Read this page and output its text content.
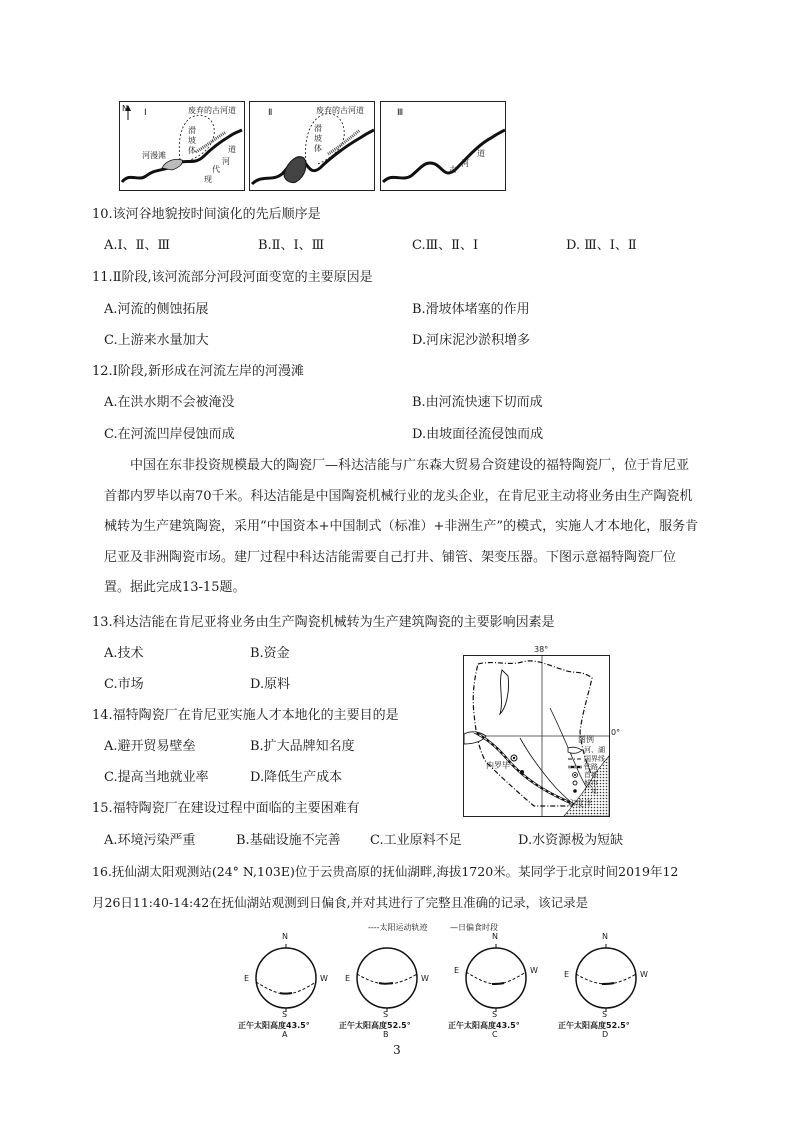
N Ⅰ	废弃的古河道
滑坡体
河漫滩
道
河
代
现
Ⅱ	废弃的古河道
滑坡体
Ⅲ
古
河
道
10.该河谷地貌按时间演化的先后顺序是
A.Ⅰ、Ⅱ、Ⅲ	B.Ⅱ、Ⅰ、Ⅲ	C.Ⅲ、Ⅱ、Ⅰ	D. Ⅲ、Ⅰ、Ⅱ
11.Ⅱ阶段,该河流部分河段河面变宽的主要原因是
A.河流的侧蚀拓展	B.滑坡体堵塞的作用
C.上游来水量加大	D.河床泥沙淤积增多
12.Ⅰ阶段,新形成在河流左岸的河漫滩
A.在洪水期不会被淹没	B.由河流快速下切而成
C.在河流凹岸侵蚀而成	D.由坡面径流侵蚀而成
中国在东非投资规模最大的陶瓷厂—科达洁能与广东森大贸易合资建设的福特陶瓷厂，位于肯尼亚首都内罗毕以南70千米。科达洁能是中国陶瓷机械行业的龙头企业，在肯尼亚主动将业务由生产陶瓷机械转为生产建筑陶瓷，采用“中国资本+中国制式（标准）+非洲生产”的模式，实施人才本地化，服务肯尼亚及非洲陶瓷市场。建厂过程中科达洁能需要自己打井、铺管、架变压器。下图示意福特陶瓷厂位置。据此完成13-15题。
13.科达洁能在肯尼亚将业务由生产陶瓷机械转为生产建筑陶瓷的主要影响因素是
A.技术	B.资金
C.市场	D.原料
14.福特陶瓷厂在肯尼亚实施人才本地化的主要目的是
A.避开贸易壁垒	B.扩大品牌知名度
C.提高当地就业率	D.降低生产成本
15.福特陶瓷厂在建设过程中面临的主要困难有
A.环境污染严重	B.基础设施不完善 C.工业原料不足	D.水资源极为短缺
38°
0°
内罗毕
印度洋
图例
河、湖
国界线
铁路
首都
城市
厂址
16.抚仙湖太阳观测站(24° N,103E)位于云贵高原的抚仙湖畔,海拔1720米。某同学于北京时间2019年12
月26日11:40-14:42在抚仙湖站观测到日偏食,并对其进行了完整且准确的记录，该记录是
----太阳运动轨迹	—日偏食时段
N
S
E	W
正午太阳高度43.5°
A
S
E	W
正午太阳高度52.5°
B
N
S
E	W
正午太阳高度43.5°
C
N
S
E	W
正午太阳高度52.5°
D
3
